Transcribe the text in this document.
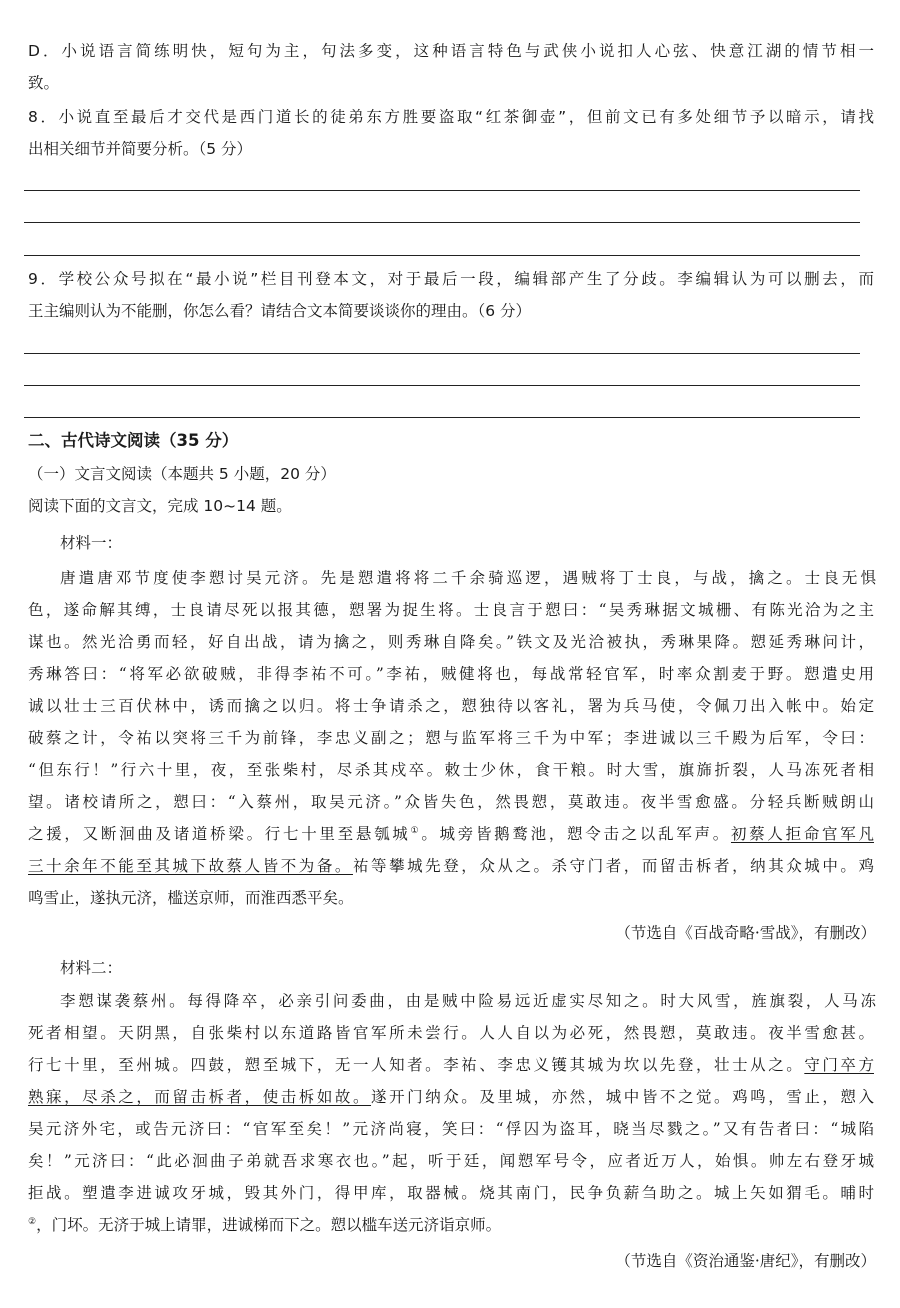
D．小说语言简练明快，短句为主，句法多变，这种语言特色与武侠小说扣人心弦、快意江湖的情节相一
致。
8．小说直至最后才交代是西门道长的徒弟东方胜要盗取“红茶御壶”，但前文已有多处细节予以暗示，请找
出相关细节并简要分析。（5 分）
9．学校公众号拟在“最小说”栏目刊登本文，对于最后一段，编辑部产生了分歧。李编辑认为可以删去，而
王主编则认为不能删，你怎么看？请结合文本简要谈谈你的理由。（6 分）
二、古代诗文阅读（35 分）
（一）文言文阅读（本题共 5 小题，20 分）
阅读下面的文言文，完成 10~14 题。
材料一：
唐遣唐邓节度使李愬讨吴元济。先是愬遣将将二千余骑巡逻，遇贼将丁士良，与战，擒之。士良无惧
色，遂命解其缚，士良请尽死以报其德，愬署为捉生将。士良言于愬曰：“吴秀琳据文城栅、有陈光洽为之主
谋也。然光洽勇而轻，好自出战，请为擒之，则秀琳自降矣。”铁文及光洽被执，秀琳果降。愬延秀琳问计，
秀琳答曰：“将军必欲破贼，非得李祐不可。”李祐，贼健将也，每战常轻官军，时率众割麦于野。愬遣史用
诚以壮士三百伏林中，诱而擒之以归。将士争请杀之，愬独待以客礼，署为兵马使，令佩刀出入帐中。始定
破蔡之计，令祐以突将三千为前锋，李忠义副之；愬与监军将三千为中军；李进诚以三千殿为后军，令曰：
“但东行！”行六十里，夜，至张柴村，尽杀其戍卒。敕士少休，食干粮。时大雪，旗旆折裂，人马冻死者相
望。诸校请所之，愬曰：“入蔡州，取吴元济。”众皆失色，然畏愬，莫敢违。夜半雪愈盛。分轻兵断贼朗山
之援，又断洄曲及诸道桥梁。行七十里至悬瓠城①。城旁皆鹅鹜池，愬令击之以乱军声。初蔡人拒命官军凡
三十余年不能至其城下故蔡人皆不为备。祐等攀城先登，众从之。杀守门者，而留击柝者，纳其众城中。鸡
鸣雪止，遂执元济，槛送京师，而淮西悉平矣。
（节选自《百战奇略·雪战》，有删改）
材料二：
李愬谋袭蔡州。每得降卒，必亲引问委曲，由是贼中险易远近虚实尽知之。时大风雪，旌旗裂，人马冻
死者相望。天阴黑，自张柴村以东道路皆官军所未尝行。人人自以为必死，然畏愬，莫敢违。夜半雪愈甚。
行七十里，至州城。四鼓，愬至城下，无一人知者。李祐、李忠义镬其城为坎以先登，壮士从之。守门卒方
熟寐，尽杀之，而留击柝者，使击柝如故。遂开门纳众。及里城，亦然，城中皆不之觉。鸡鸣，雪止，愬入
吴元济外宅，或告元济曰：“官军至矣！”元济尚寝，笑曰：“俘囚为盗耳，晓当尽戮之。”又有告者曰：“城陷
矣！”元济曰：“此必洄曲子弟就吾求寒衣也。”起，听于廷，闻愬军号令，应者近万人，始惧。帅左右登牙城
拒战。塑遣李进诚攻牙城，毁其外门，得甲库，取器械。烧其南门，民争负薪刍助之。城上矢如猬毛。晡时
②，门坏。无济于城上请罪，进诚梯而下之。愬以槛车送元济诣京师。
（节选自《资治通鉴·唐纪》，有删改）
